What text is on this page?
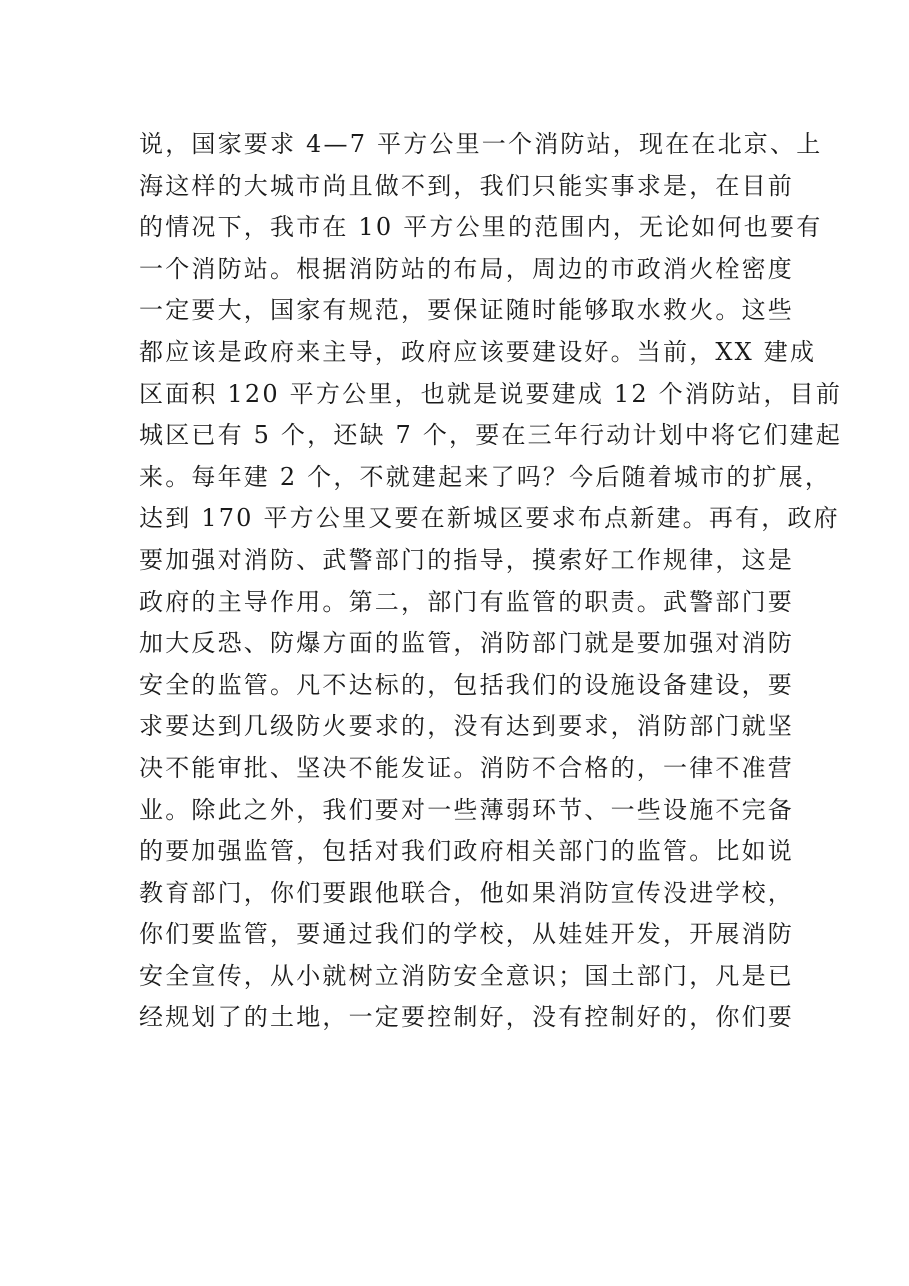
说，国家要求 4—7 平方公里一个消防站，现在在北京、上
海这样的大城市尚且做不到，我们只能实事求是，在目前
的情况下，我市在 10 平方公里的范围内，无论如何也要有
一个消防站。根据消防站的布局，周边的市政消火栓密度
一定要大，国家有规范，要保证随时能够取水救火。这些
都应该是政府来主导，政府应该要建设好。当前，XX 建成
区面积 120 平方公里，也就是说要建成 12 个消防站，目前
城区已有 5 个，还缺 7 个，要在三年行动计划中将它们建起
来。每年建 2 个，不就建起来了吗？今后随着城市的扩展，
达到 170 平方公里又要在新城区要求布点新建。再有，政府
要加强对消防、武警部门的指导，摸索好工作规律，这是
政府的主导作用。第二，部门有监管的职责。武警部门要
加大反恐、防爆方面的监管，消防部门就是要加强对消防
安全的监管。凡不达标的，包括我们的设施设备建设，要
求要达到几级防火要求的，没有达到要求，消防部门就坚
决不能审批、坚决不能发证。消防不合格的，一律不准营
业。除此之外，我们要对一些薄弱环节、一些设施不完备
的要加强监管，包括对我们政府相关部门的监管。比如说
教育部门，你们要跟他联合，他如果消防宣传没进学校，
你们要监管，要通过我们的学校，从娃娃开发，开展消防
安全宣传，从小就树立消防安全意识；国土部门，凡是已
经规划了的土地，一定要控制好，没有控制好的，你们要
